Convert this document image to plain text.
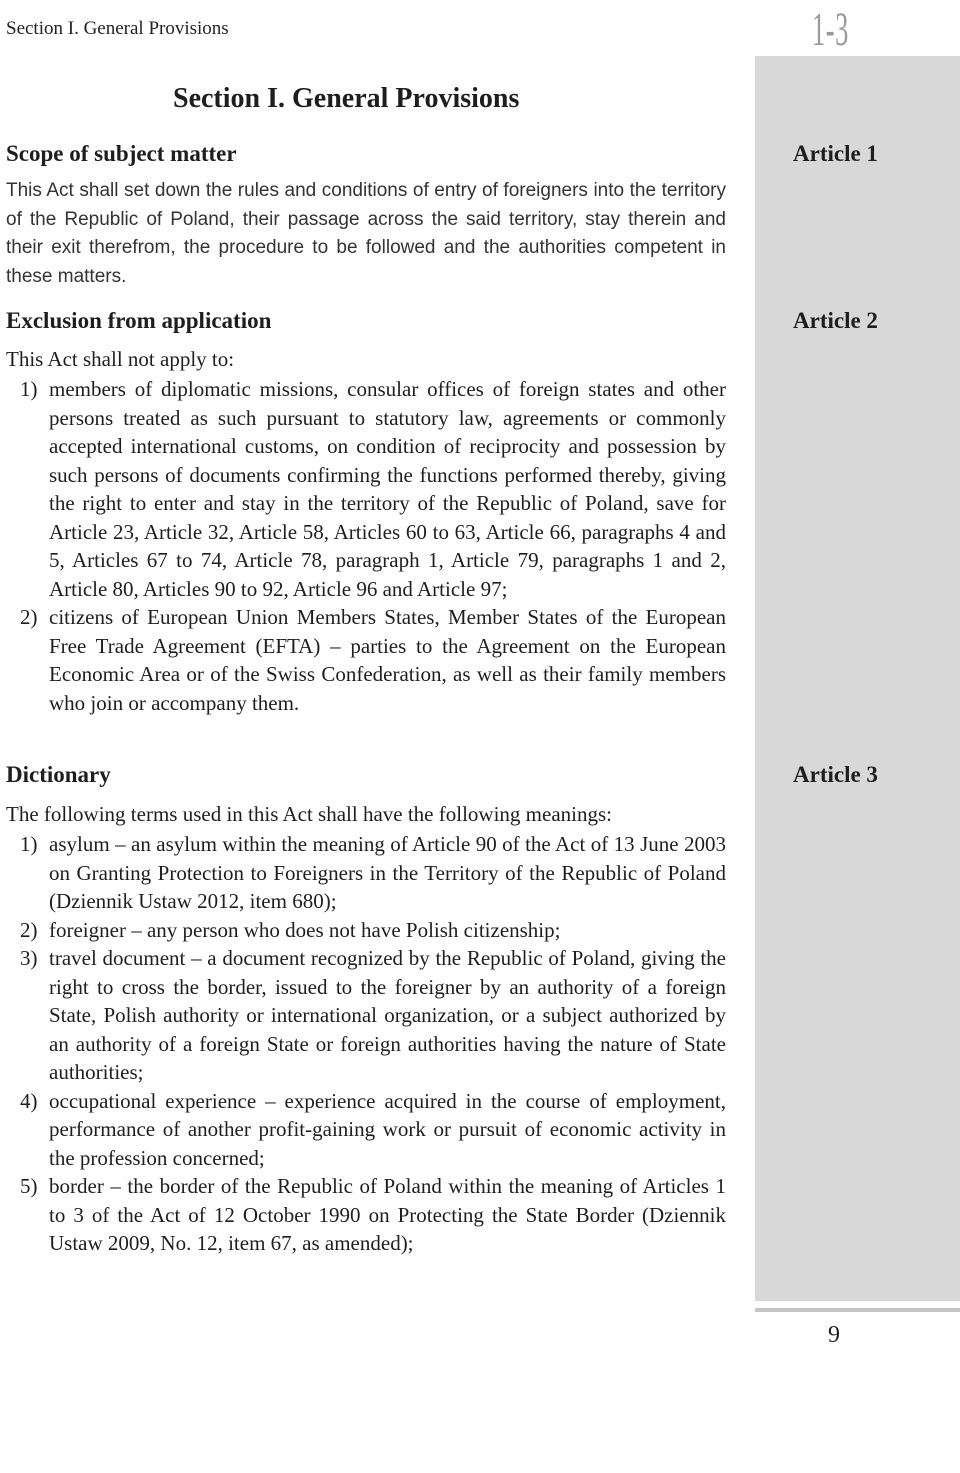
Section I. General Provisions	1-3
Section I. General Provisions
Scope of subject matter	Article 1

This Act shall set down the rules and conditions of entry of foreigners into the territory of the Republic of Poland, their passage across the said territory, stay therein and their exit therefrom, the procedure to be followed and the authorities competent in these matters.

Exclusion from application	Article 2

This Act shall not apply to:

1) members of diplomatic missions, consular offices of foreign states and other persons treated as such pursuant to statutory law, agreements or commonly accepted international customs, on condition of reciprocity and possession by such persons of documents confirming the functions performed thereby, giving the right to enter and stay in the territory of the Republic of Poland, save for Article 23, Article 32, Article 58, Articles 60 to 63, Article 66, paragraphs 4 and 5, Articles 67 to 74, Article 78, paragraph 1, Article 79, paragraphs 1 and 2, Article 80, Articles 90 to 92, Article 96 and Article 97;
2) citizens of European Union Members States, Member States of the European Free Trade Agreement (EFTA) – parties to the Agreement on the European Economic Area or of the Swiss Confederation, as well as their family members who join or accompany them.
Dictionary	Article 3

The following terms used in this Act shall have the following meanings:

1) asylum – an asylum within the meaning of Article 90 of the Act of 13 June 2003 on Granting Protection to Foreigners in the Territory of the Republic of Poland (Dziennik Ustaw 2012, item 680);
2) foreigner – any person who does not have Polish citizenship;
3) travel document – a document recognized by the Republic of Poland, giving the right to cross the border, issued to the foreigner by an authority of a foreign State, Polish authority or international organization, or a subject authorized by an authority of a foreign State or foreign authorities having the nature of State authorities;
4) occupational experience – experience acquired in the course of employment, performance of another profit-gaining work or pursuit of economic activity in the profession concerned;
5) border – the border of the Republic of Poland within the meaning of Articles 1 to 3 of the Act of 12 October 1990 on Protecting the State Border (Dziennik Ustaw 2009, No. 12, item 67, as amended);
9
